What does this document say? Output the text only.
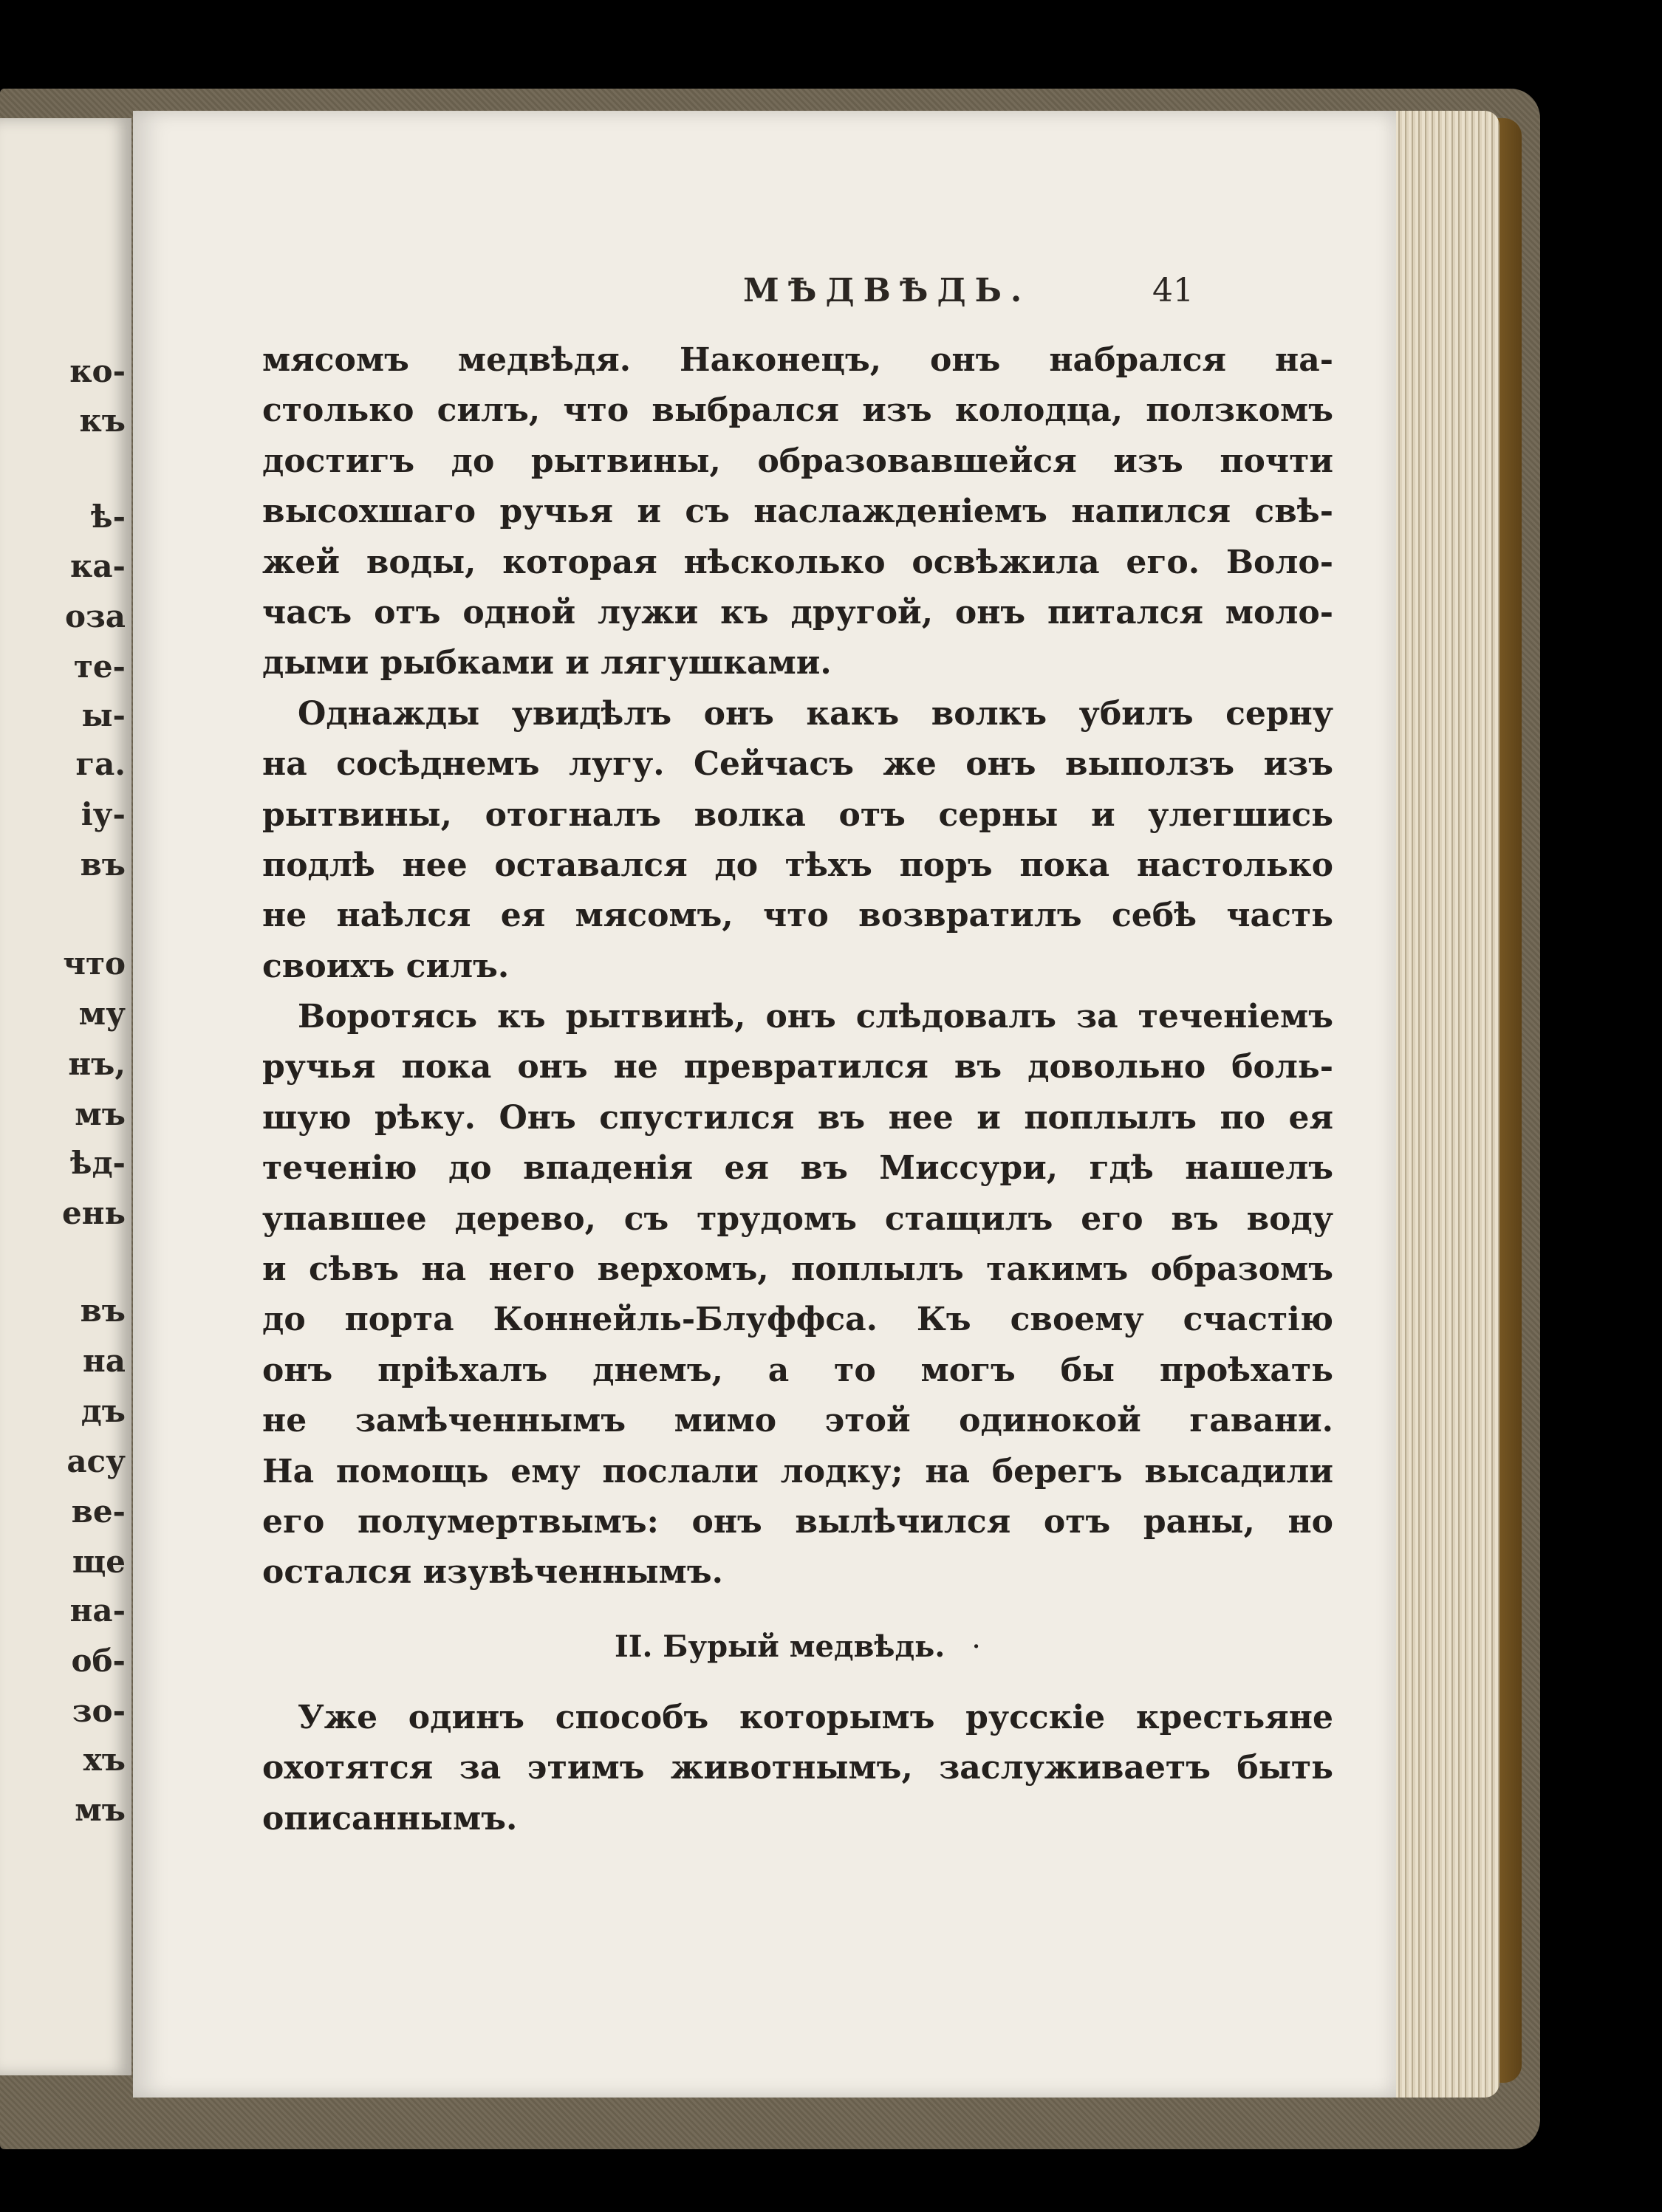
ко-
къ
ѣ-
ка-
оза
те-
ы-
га.
іу-
въ
что
му
нъ,
мъ
ѣд-
ень
въ
на
дъ
асу
ве-
ще
на-
об-
зо-
хъ
мъ
МѢДВѢДЬ.	41
мясомъ медвѣдя. Наконецъ, онъ набрался на-
столько силъ, что выбрался изъ колодца, ползкомъ
достигъ до рытвины, образовавшейся изъ почти
высохшаго ручья и съ наслажденіемъ напился свѣ-
жей воды, которая нѣсколько освѣжила его. Воло-
часъ отъ одной лужи къ другой, онъ питался моло-
дыми рыбками и лягушками.
Однажды увидѣлъ онъ какъ волкъ убилъ серну
на сосѣднемъ лугу. Сейчасъ же онъ выползъ изъ
рытвины, отогналъ волка отъ серны и улегшись
подлѣ нее оставался до тѣхъ поръ пока настолько
не наѣлся ея мясомъ, что возвратилъ себѣ часть
своихъ силъ.
Воротясь къ рытвинѣ, онъ слѣдовалъ за теченіемъ
ручья пока онъ не превратился въ довольно боль-
шую рѣку. Онъ спустился въ нее и поплылъ по ея
теченію до впаденія ея въ Миссури, гдѣ нашелъ
упавшее дерево, съ трудомъ стащилъ его въ воду
и сѣвъ на него верхомъ, поплылъ такимъ образомъ
до порта Коннейль-Блуффса. Къ своему счастію
онъ пріѣхалъ днемъ, а то могъ бы проѣхать
не замѣченнымъ мимо этой одинокой гавани.
На помощь ему послали лодку; на берегъ высадили
его полумертвымъ: онъ вылѣчился отъ раны, но
остался изувѣченнымъ.
II. Бурый медвѣдь. ·
Уже одинъ способъ которымъ русскіе крестьяне
охотятся за этимъ животнымъ, заслуживаетъ быть
описаннымъ.
